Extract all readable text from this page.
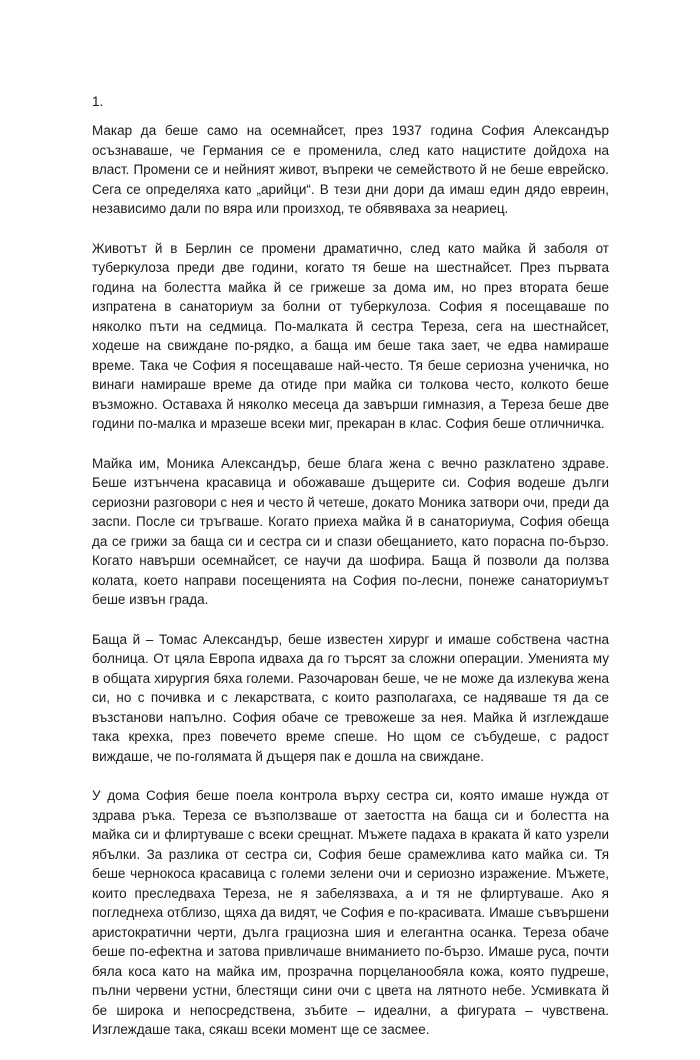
1.

Макар да беше само на осемнайсет, през 1937 година София Александър осъзнаваше, че Германия се е променила, след като нацистите дойдоха на власт. Промени се и нейният живот, въпреки че семейството й не беше еврейско. Сега се определяха като „арийци“. В тези дни дори да имаш един дядо евреин, независимо дали по вяра или произход, те обявяваха за неариец.

Животът й в Берлин се промени драматично, след като майка й заболя от туберкулоза преди две години, когато тя беше на шестнайсет. През първата година на болестта майка й се грижеше за дома им, но през втората беше изпратена в санаториум за болни от туберкулоза. София я посещаваше по няколко пъти на седмица. По-малката й сестра Тереза, сега на шестнайсет, ходеше на свиждане по-рядко, а баща им беше така зает, че едва намираше време. Така че София я посещаваше най-често. Тя беше сериозна ученичка, но винаги намираше време да отиде при майка си толкова често, колкото беше възможно. Оставаха й няколко месеца да завърши гимназия, а Тереза беше две години по-малка и мразеше всеки миг, прекаран в клас. София беше отличничка.

Майка им, Моника Александър, беше блага жена с вечно разклатено здраве. Беше изтънчена красавица и обожаваше дъщерите си. София водеше дълги сериозни разговори с нея и често й четеше, докато Моника затвори очи, преди да заспи. После си тръгваше. Когато приеха майка й в санаториума, София обеща да се грижи за баща си и сестра си и спази обещанието, като порасна по-бързо. Когато навърши осемнайсет, се научи да шофира. Баща й позволи да ползва колата, което направи посещенията на София по-лесни, понеже санаториумът беше извън града.

Баща й – Томас Александър, беше известен хирург и имаше собствена частна болница. От цяла Европа идваха да го търсят за сложни операции. Уменията му в общата хирургия бяха големи. Разочарован беше, че не може да излекува жена си, но с почивка и с лекарствата, с които разполагаха, се надяваше тя да се възстанови напълно. София обаче се тревожеше за нея. Майка й изглеждаше така крехка, през повечето време спеше. Но щом се събудеше, с радост виждаше, че по-голямата й дъщеря пак е дошла на свиждане.

У дома София беше поела контрола върху сестра си, която имаше нужда от здрава ръка. Тереза се възползваше от заетостта на баща си и болестта на майка си и флиртуваше с всеки срещнат. Мъжете падаха в краката й като узрели ябълки. За разлика от сестра си, София беше срамежлива като майка си. Тя беше чернокоса красавица с големи зелени очи и сериозно изражение. Мъжете, които преследваха Тереза, не я забелязваха, а и тя не флиртуваше. Ако я погледнеха отблизо, щяха да видят, че София е по-красивата. Имаше съвършени аристократични черти, дълга грациозна шия и елегантна осанка. Тереза обаче беше по-ефектна и затова привличаше вниманието по-бързо. Имаше руса, почти бяла коса като на майка им, прозрачна порцеланообяла кожа, която пудреше, пълни червени устни, блестящи сини очи с цвета на лятното небе. Усмивката й бе широка и непосредствена, зъбите – идеални, а фигурата – чувствена. Изглеждаше така, сякаш всеки момент ще се засмее.
